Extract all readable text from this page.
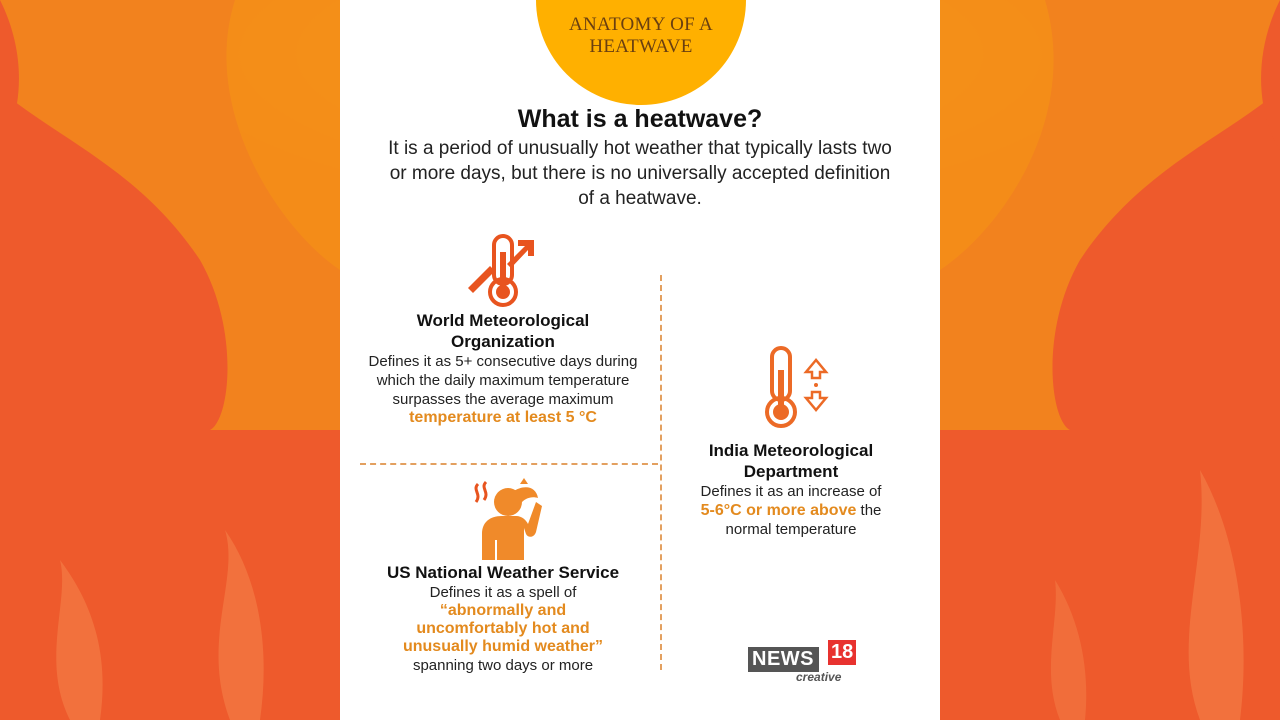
ANATOMY OF A
HEATWAVE
What is a heatwave?
It is a period of unusually hot weather that typically lasts two or more days, but there is no universally accepted definition of a heatwave.
World Meteorological Organization
Defines it as 5+ consecutive days during which the daily maximum temperature surpasses the average maximum
temperature at least 5 °C
US National Weather Service
Defines it as a spell of
“abnormally and uncomfortably hot and unusually humid weather”
spanning two days or more
India Meteorological Department
Defines it as an increase of
5-6°C or more above the normal temperature
NEWS 18
creative
